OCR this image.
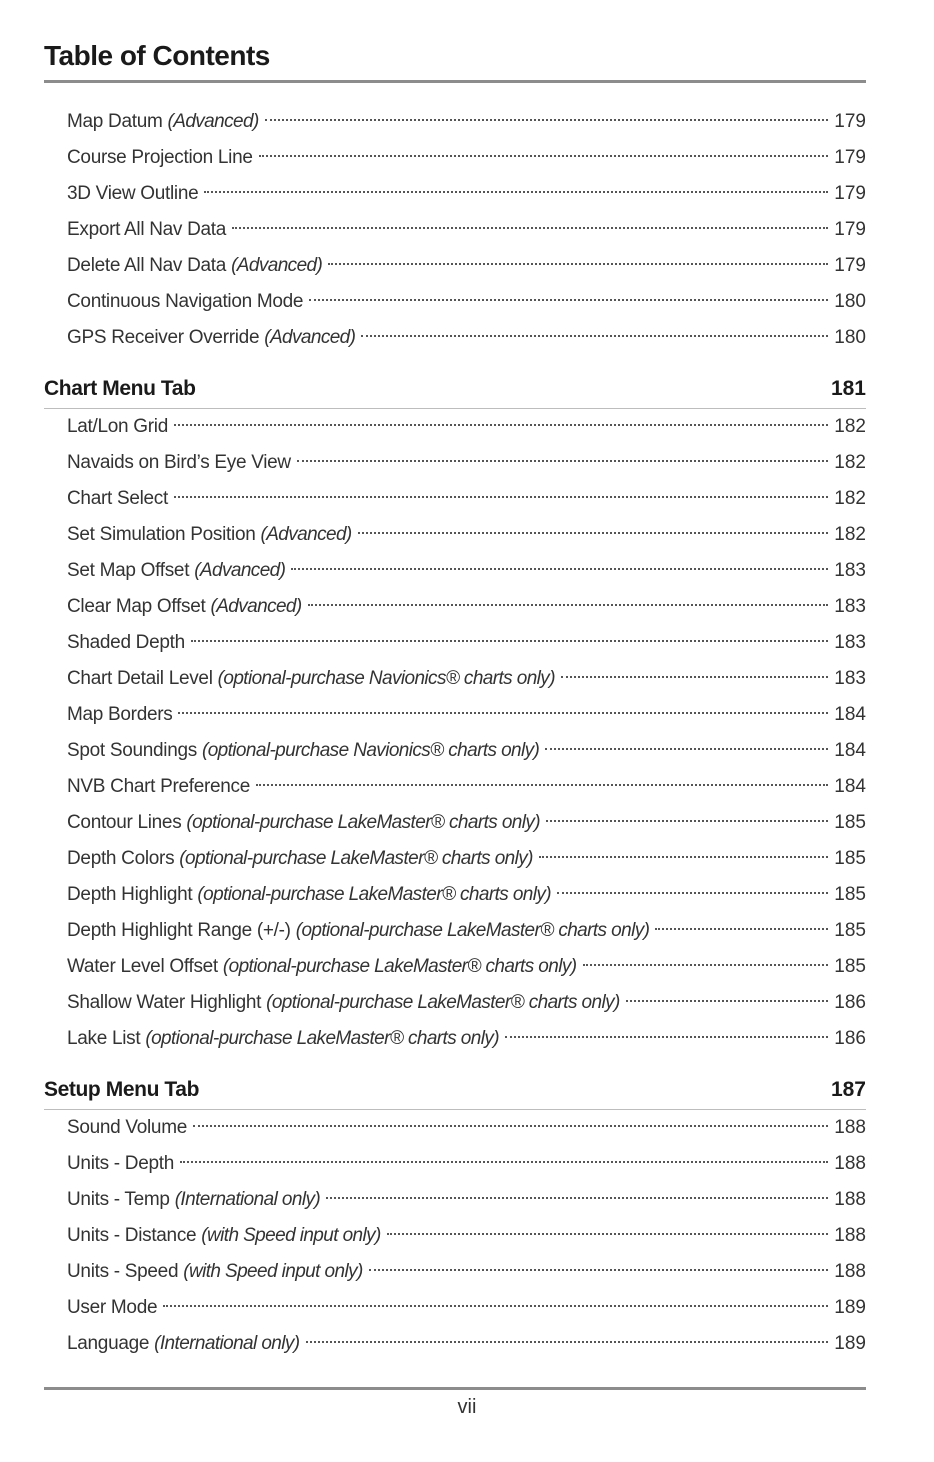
Table of Contents
Map Datum (Advanced)	179
Course Projection Line	179
3D View Outline	179
Export All Nav Data	179
Delete All Nav Data (Advanced)	179
Continuous Navigation Mode	180
GPS Receiver Override (Advanced)	180
Chart Menu Tab	181
Lat/Lon Grid	182
Navaids on Bird’s Eye View	182
Chart Select	182
Set Simulation Position (Advanced)	182
Set Map Offset (Advanced)	183
Clear Map Offset (Advanced)	183
Shaded Depth	183
Chart Detail Level (optional-purchase Navionics® charts only)	183
Map Borders	184
Spot Soundings (optional-purchase Navionics® charts only)	184
NVB Chart Preference	184
Contour Lines (optional-purchase LakeMaster® charts only)	185
Depth Colors (optional-purchase LakeMaster® charts only)	185
Depth Highlight (optional-purchase LakeMaster® charts only)	185
Depth Highlight Range (+/-) (optional-purchase LakeMaster® charts only)	185
Water Level Offset (optional-purchase LakeMaster® charts only)	185
Shallow Water Highlight (optional-purchase LakeMaster® charts only)	186
Lake List (optional-purchase LakeMaster® charts only)	186
Setup Menu Tab	187
Sound Volume	188
Units - Depth	188
Units - Temp (International only)	188
Units - Distance (with Speed input only)	188
Units - Speed (with Speed input only)	188
User Mode	189
Language (International only)	189
vii
